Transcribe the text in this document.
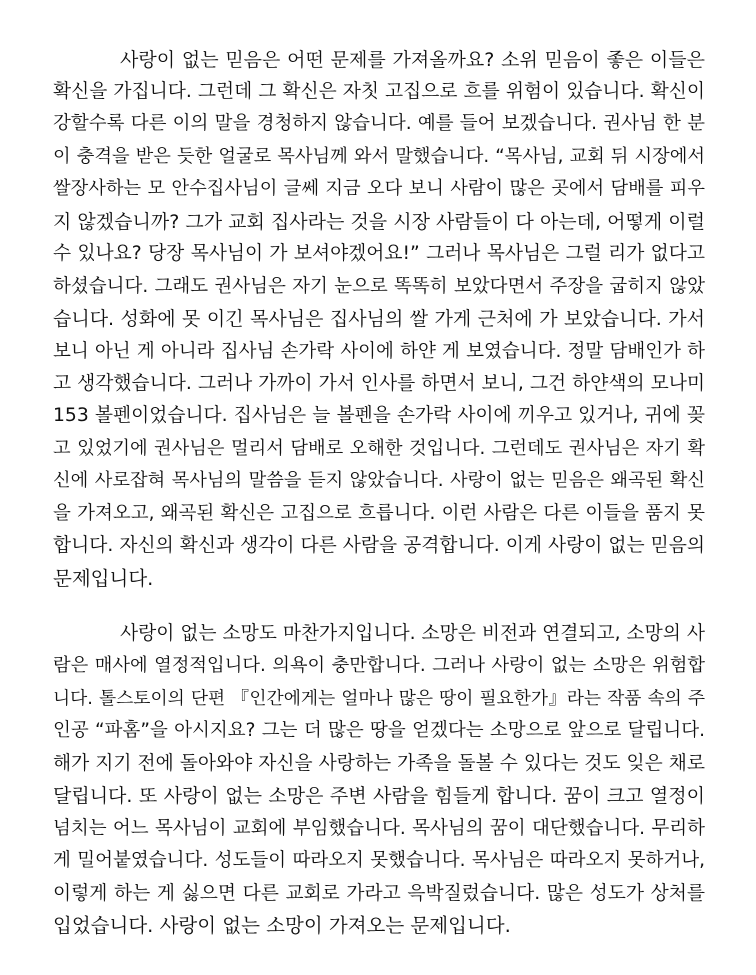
사랑이 없는 믿음은 어떤 문제를 가져올까요? 소위 믿음이 좋은 이들은
확신을 가집니다. 그런데 그 확신은 자칫 고집으로 흐를 위험이 있습니다. 확신이
강할수록 다른 이의 말을 경청하지 않습니다. 예를 들어 보겠습니다. 권사님 한 분
이 충격을 받은 듯한 얼굴로 목사님께 와서 말했습니다. “목사님, 교회 뒤 시장에서
쌀장사하는 모 안수집사님이 글쎄 지금 오다 보니 사람이 많은 곳에서 담배를 피우
지 않겠습니까? 그가 교회 집사라는 것을 시장 사람들이 다 아는데, 어떻게 이럴
수 있나요? 당장 목사님이 가 보셔야겠어요!” 그러나 목사님은 그럴 리가 없다고
하셨습니다. 그래도 권사님은 자기 눈으로 똑똑히 보았다면서 주장을 굽히지 않았
습니다. 성화에 못 이긴 목사님은 집사님의 쌀 가게 근처에 가 보았습니다. 가서
보니 아닌 게 아니라 집사님 손가락 사이에 하얀 게 보였습니다. 정말 담배인가 하
고 생각했습니다. 그러나 가까이 가서 인사를 하면서 보니, 그건 하얀색의 모나미
153 볼펜이었습니다. 집사님은 늘 볼펜을 손가락 사이에 끼우고 있거나, 귀에 꽂
고 있었기에 권사님은 멀리서 담배로 오해한 것입니다. 그런데도 권사님은 자기 확
신에 사로잡혀 목사님의 말씀을 듣지 않았습니다. 사랑이 없는 믿음은 왜곡된 확신
을 가져오고, 왜곡된 확신은 고집으로 흐릅니다. 이런 사람은 다른 이들을 품지 못
합니다. 자신의 확신과 생각이 다른 사람을 공격합니다. 이게 사랑이 없는 믿음의
문제입니다.
사랑이 없는 소망도 마찬가지입니다. 소망은 비전과 연결되고, 소망의 사
람은 매사에 열정적입니다. 의욕이 충만합니다. 그러나 사랑이 없는 소망은 위험합
니다. 톨스토이의 단편 『인간에게는 얼마나 많은 땅이 필요한가』라는 작품 속의 주
인공 “파홈”을 아시지요? 그는 더 많은 땅을 얻겠다는 소망으로 앞으로 달립니다.
해가 지기 전에 돌아와야 자신을 사랑하는 가족을 돌볼 수 있다는 것도 잊은 채로
달립니다. 또 사랑이 없는 소망은 주변 사람을 힘들게 합니다. 꿈이 크고 열정이
넘치는 어느 목사님이 교회에 부임했습니다. 목사님의 꿈이 대단했습니다. 무리하
게 밀어붙였습니다. 성도들이 따라오지 못했습니다. 목사님은 따라오지 못하거나,
이렇게 하는 게 싫으면 다른 교회로 가라고 윽박질렀습니다. 많은 성도가 상처를
입었습니다. 사랑이 없는 소망이 가져오는 문제입니다.
